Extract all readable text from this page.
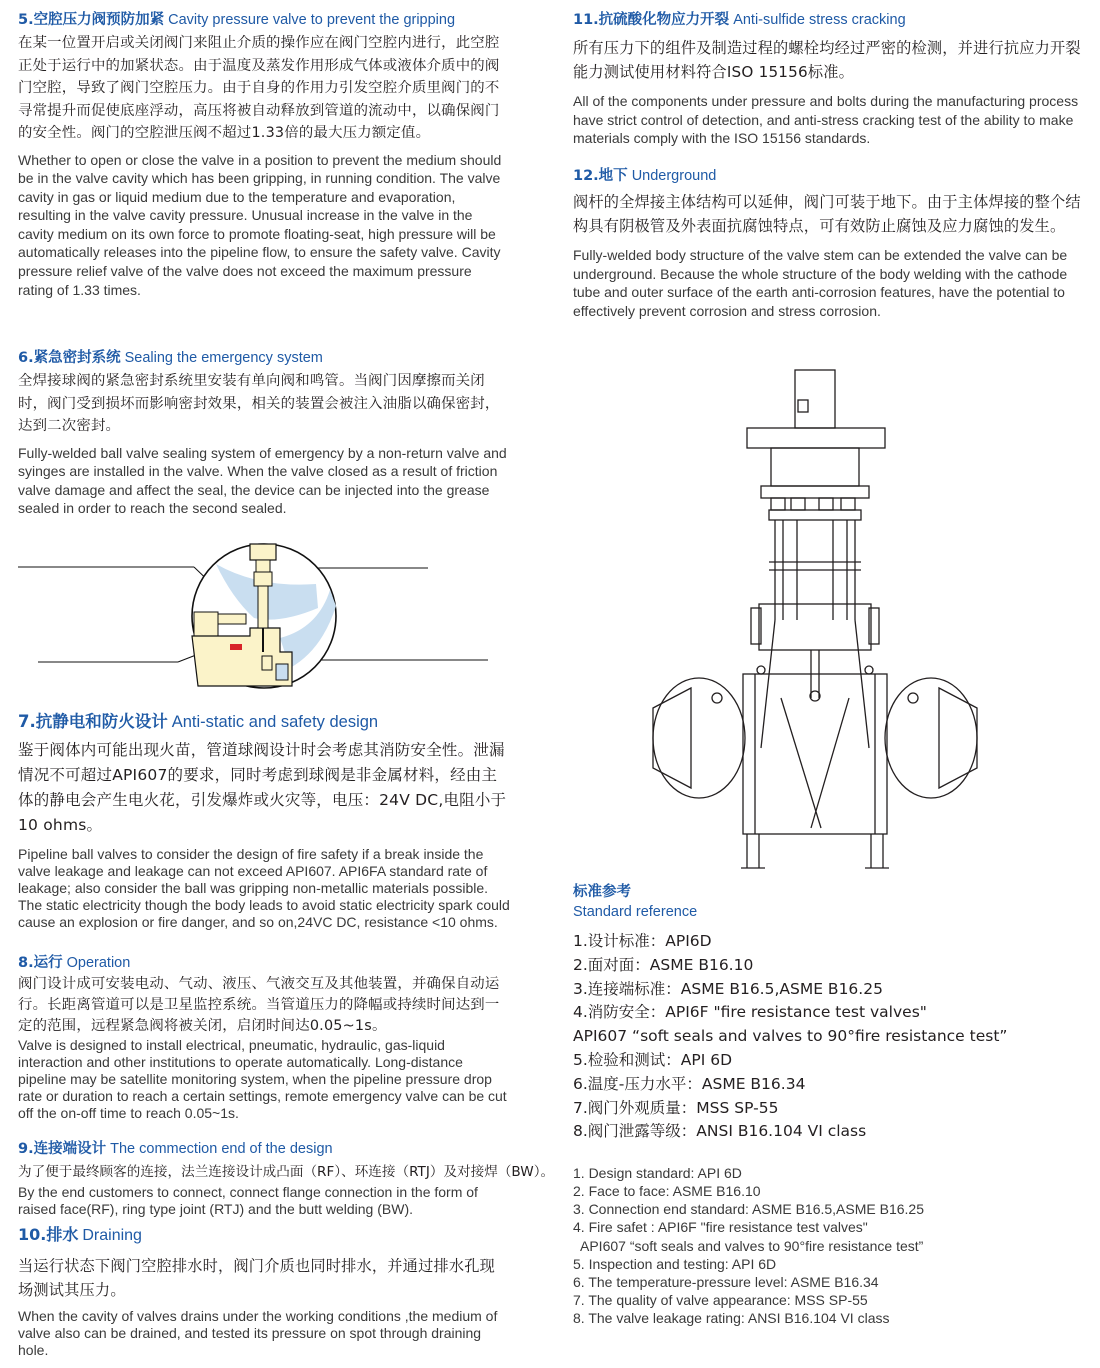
5.空腔压力阀预防加紧 Cavity pressure valve to prevent the gripping

在某一位置开启或关闭阀门来阻止介质的操作应在阀门空腔内进行，此空腔正处于运行中的加紧状态。由于温度及蒸发作用形成气体或液体介质中的阀门空腔，导致了阀门空腔压力。由于自身的作用力引发空腔介质里阀门的不寻常提升而促使底座浮动，高压将被自动释放到管道的流动中，以确保阀门的安全性。阀门的空腔泄压阀不超过1.33倍的最大压力额定值。

Whether to open or close the valve in a position to prevent the medium should be in the valve cavity which has been gripping, in running condition. The valve cavity in gas or liquid medium due to the temperature and evaporation, resulting in the valve cavity pressure. Unusual increase in the valve in the cavity medium on its own force to promote floating-seat, high pressure will be automatically releases into the pipeline flow, to ensure the safety valve. Cavity pressure relief valve of the valve does not exceed the maximum pressure rating of 1.33 times.

6.紧急密封系统 Sealing the emergency system

全焊接球阀的紧急密封系统里安装有单向阀和鸣管。当阀门因摩擦而关闭时，阀门受到损坏而影响密封效果，相关的装置会被注入油脂以确保密封，达到二次密封。

Fully-welded ball valve sealing system of emergency by a non-return valve and syinges are installed in the valve. When the valve closed as a result of friction valve damage and affect the seal, the device can be injected into the grease sealed in order to reach the second sealed.

7.抗静电和防火设计 Anti-static and safety design

鉴于阀体内可能出现火苗，管道球阀设计时会考虑其消防安全性。泄漏情况不可超过API607的要求，同时考虑到球阀是非金属材料，经由主体的静电会产生电火花，引发爆炸或火灾等，电压：24V DC,电阻小于10 ohms。

Pipeline ball valves to consider the design of fire safety if a break inside the valve leakage and leakage can not exceed API607. API6FA standard rate of leakage; also consider the ball was gripping non-metallic materials possible. The static electricity though the body leads to avoid static electricity spark could cause an explosion or fire danger, and so on,24VC DC, resistance <10 ohms.

8.运行 Operation

阀门设计成可安装电动、气动、液压、气液交互及其他装置，并确保自动运行。长距离管道可以是卫星监控系统。当管道压力的降幅或持续时间达到一定的范围，远程紧急阀将被关闭，启闭时间达0.05~1s。

Valve is designed to install electrical, pneumatic, hydraulic, gas-liquid interaction and other institutions to operate automatically. Long-distance pipeline may be satellite monitoring system, when the pipeline pressure drop rate or duration to reach a certain settings, remote emergency valve can be cut off the on-off time to reach 0.05~1s.

9.连接端设计 The commection end of the design

为了便于最终顾客的连接，法兰连接设计成凸面（RF）、环连接（RTJ）及对接焊（BW）。

By the end customers to connect, connect flange connection in the form of raised face(RF), ring type joint (RTJ) and the butt welding (BW).

10.排水 Draining

当运行状态下阀门空腔排水时，阀门介质也同时排水，并通过排水孔现场测试其压力。

When the cavity of valves drains under the working conditions ,the medium of valve also can be drained, and tested its pressure on spot through draining hole.

11.抗硫酸化物应力开裂 Anti-sulfide stress cracking

所有压力下的组件及制造过程的螺栓均经过严密的检测，并进行抗应力开裂能力测试使用材料符合ISO 15156标准。

All of the components under pressure and bolts during the manufacturing process have strict control of detection, and anti-stress cracking test of the ability to make materials comply with the ISO 15156 standards.

12.地下 Underground

阀杆的全焊接主体结构可以延伸，阀门可装于地下。由于主体焊接的整个结构具有阴极管及外表面抗腐蚀特点，可有效防止腐蚀及应力腐蚀的发生。

Fully-welded body structure of the valve stem can be extended the valve can be underground. Because the whole structure of the body welding with the cathode tube and outer surface of the earth anti-corrosion features, have the potential to effectively prevent corrosion and stress corrosion.

标准参考

Standard reference

1.设计标准：API6D

2.面对面：ASME B16.10

3.连接端标准：ASME B16.5,ASME B16.25

4.消防安全：API6F "fire resistance test valves"

API607 “soft seals and valves to 90°fire resistance test”

5.检验和测试：API 6D

6.温度-压力水平：ASME B16.34

7.阀门外观质量：MSS SP-55

8.阀门泄露等级：ANSI B16.104 VI class

1. Design standard: API 6D

2. Face to face: ASME B16.10

3. Connection end standard: ASME B16.5,ASME B16.25

4. Fire safet : API6F "fire resistance test valves"

API607 “soft seals and valves to 90°fire resistance test”

5. Inspection and testing: API 6D

6. The temperature-pressure level: ASME B16.34

7. The quality of valve appearance: MSS SP-55

8. The valve leakage rating: ANSI B16.104 VI class
